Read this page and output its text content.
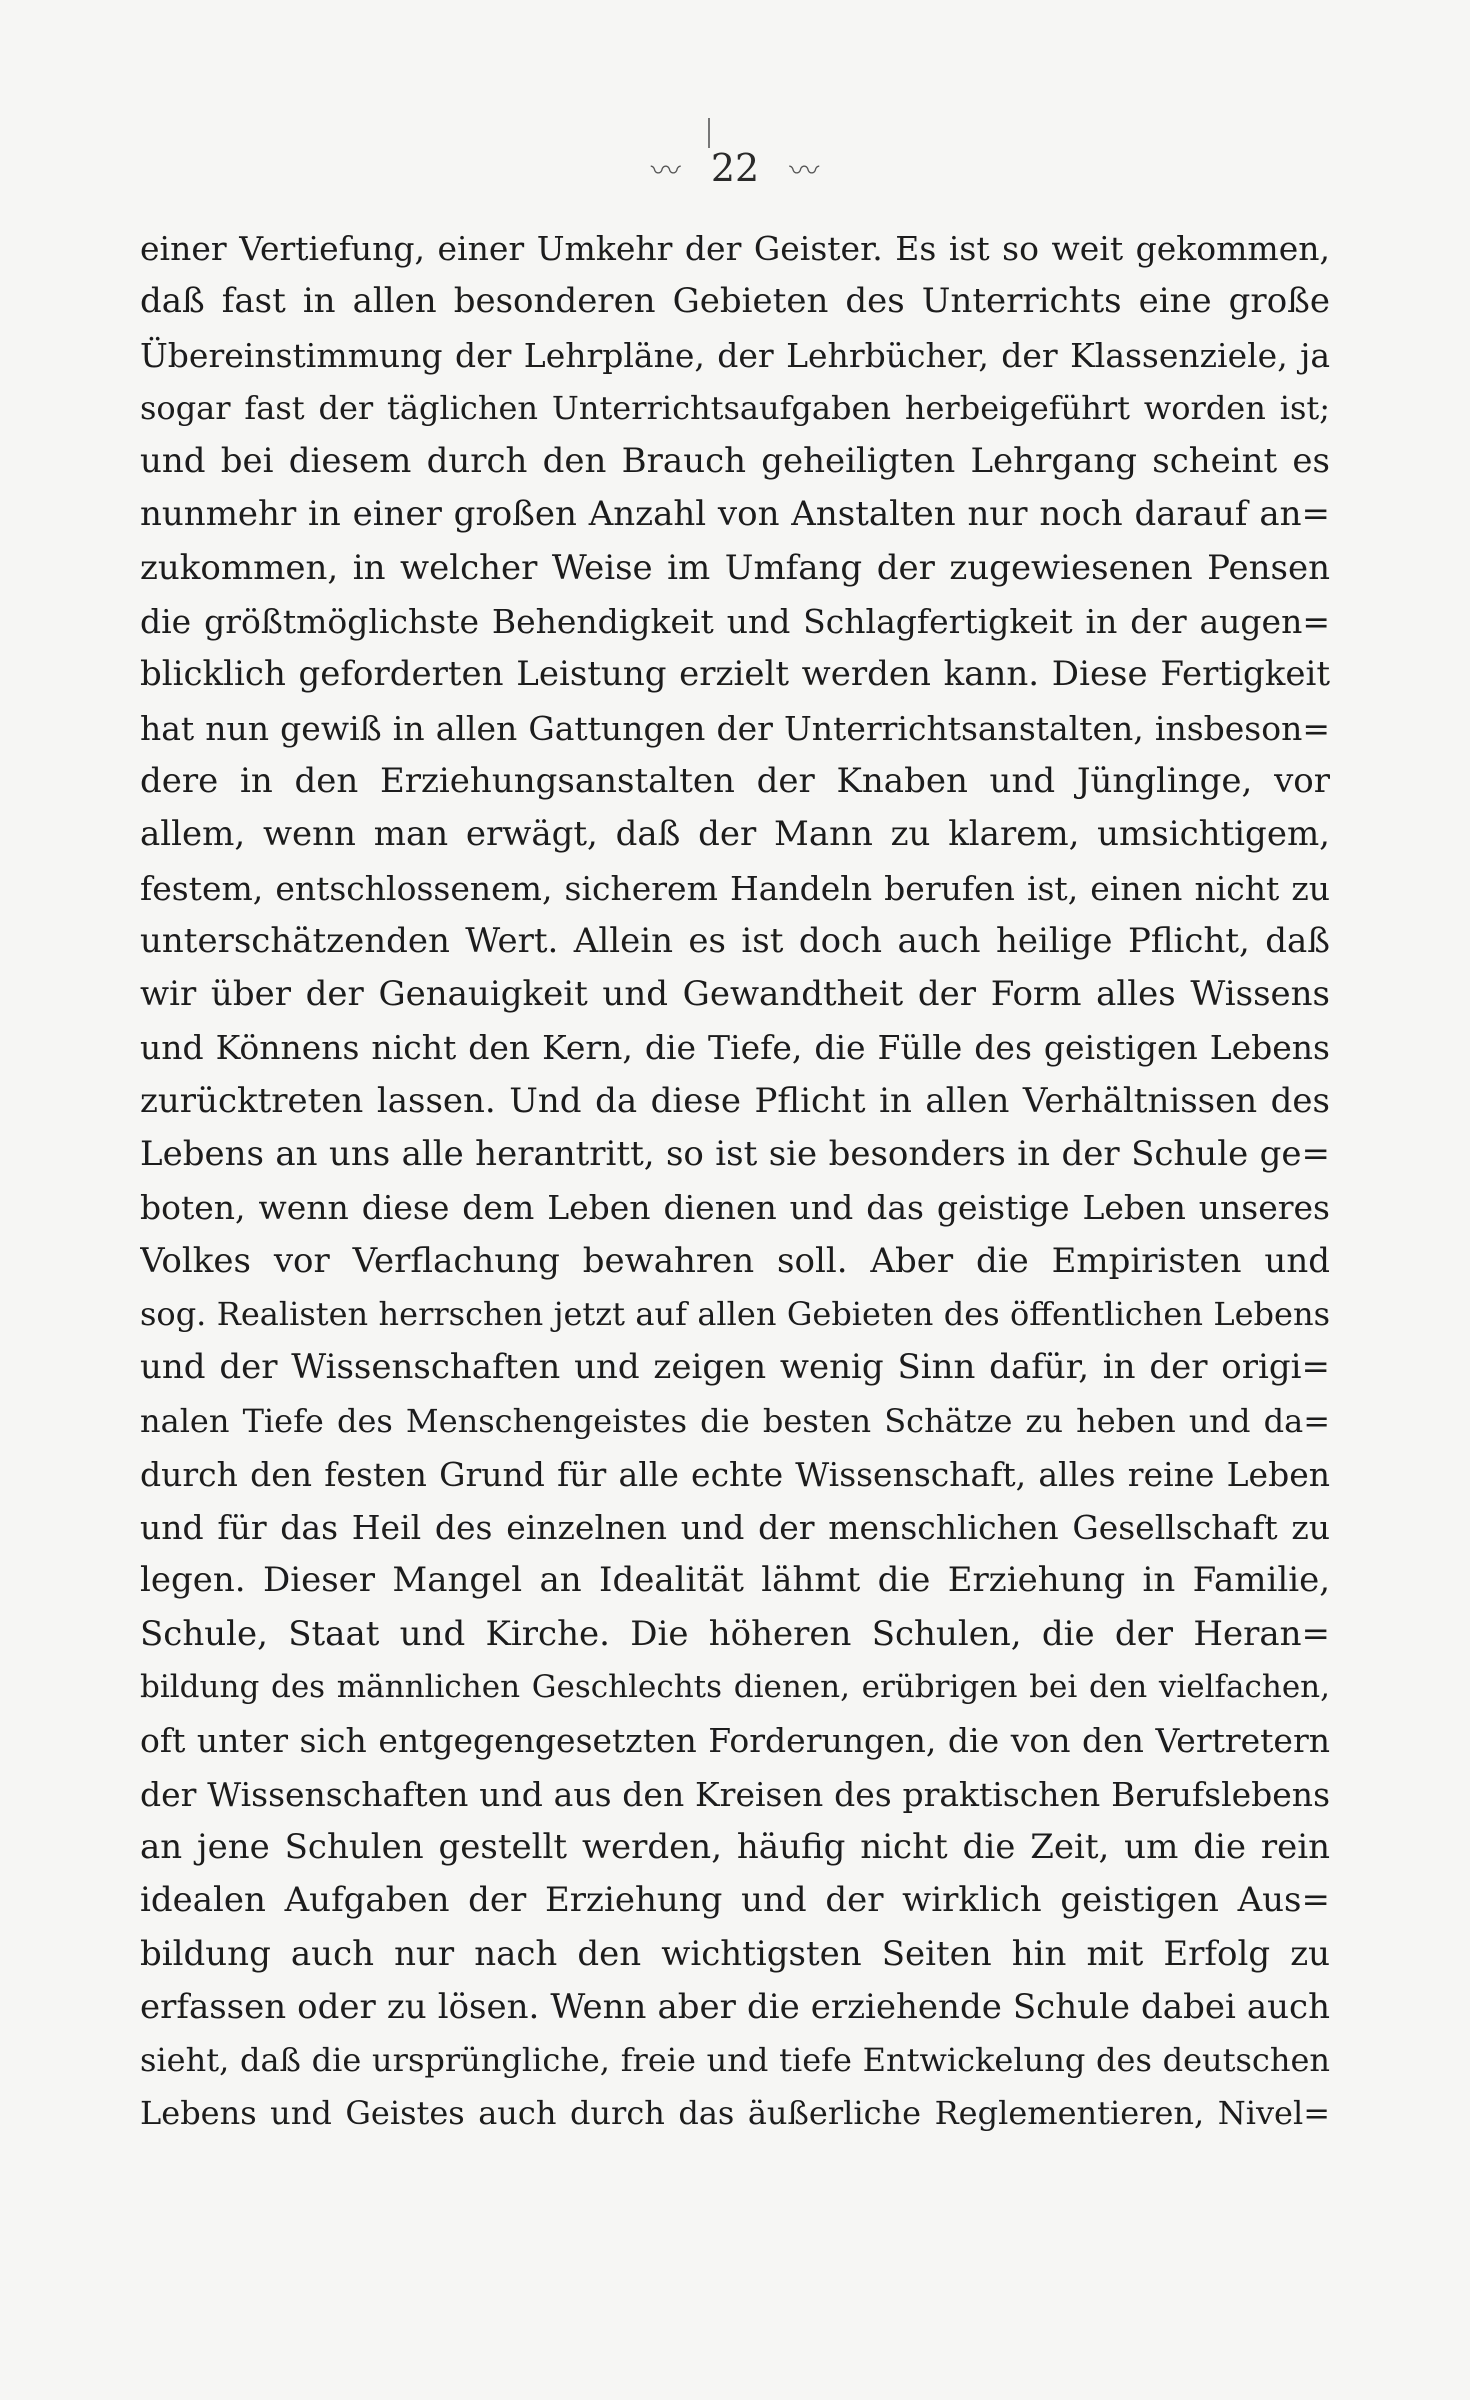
〰 22 〰
einer Vertiefung, einer Umkehr der Geister. Es ist so weit gekommen,
daß fast in allen besonderen Gebieten des Unterrichts eine große
Übereinstimmung der Lehrpläne, der Lehrbücher, der Klassenziele, ja
sogar fast der täglichen Unterrichtsaufgaben herbeigeführt worden ist;
und bei diesem durch den Brauch geheiligten Lehrgang scheint es
nunmehr in einer großen Anzahl von Anstalten nur noch darauf an=
zukommen, in welcher Weise im Umfang der zugewiesenen Pensen
die größtmöglichste Behendigkeit und Schlagfertigkeit in der augen=
blicklich geforderten Leistung erzielt werden kann. Diese Fertigkeit
hat nun gewiß in allen Gattungen der Unterrichtsanstalten, insbeson=
dere in den Erziehungsanstalten der Knaben und Jünglinge, vor
allem, wenn man erwägt, daß der Mann zu klarem, umsichtigem,
festem, entschlossenem, sicherem Handeln berufen ist, einen nicht zu
unterschätzenden Wert. Allein es ist doch auch heilige Pflicht, daß
wir über der Genauigkeit und Gewandtheit der Form alles Wissens
und Könnens nicht den Kern, die Tiefe, die Fülle des geistigen Lebens
zurücktreten lassen. Und da diese Pflicht in allen Verhältnissen des
Lebens an uns alle herantritt, so ist sie besonders in der Schule ge=
boten, wenn diese dem Leben dienen und das geistige Leben unseres
Volkes vor Verflachung bewahren soll. Aber die Empiristen und
sog. Realisten herrschen jetzt auf allen Gebieten des öffentlichen Lebens
und der Wissenschaften und zeigen wenig Sinn dafür, in der origi=
nalen Tiefe des Menschengeistes die besten Schätze zu heben und da=
durch den festen Grund für alle echte Wissenschaft, alles reine Leben
und für das Heil des einzelnen und der menschlichen Gesellschaft zu
legen. Dieser Mangel an Idealität lähmt die Erziehung in Familie,
Schule, Staat und Kirche. Die höheren Schulen, die der Heran=
bildung des männlichen Geschlechts dienen, erübrigen bei den vielfachen,
oft unter sich entgegengesetzten Forderungen, die von den Vertretern
der Wissenschaften und aus den Kreisen des praktischen Berufslebens
an jene Schulen gestellt werden, häufig nicht die Zeit, um die rein
idealen Aufgaben der Erziehung und der wirklich geistigen Aus=
bildung auch nur nach den wichtigsten Seiten hin mit Erfolg zu
erfassen oder zu lösen. Wenn aber die erziehende Schule dabei auch
sieht, daß die ursprüngliche, freie und tiefe Entwickelung des deutschen
Lebens und Geistes auch durch das äußerliche Reglementieren, Nivel=
